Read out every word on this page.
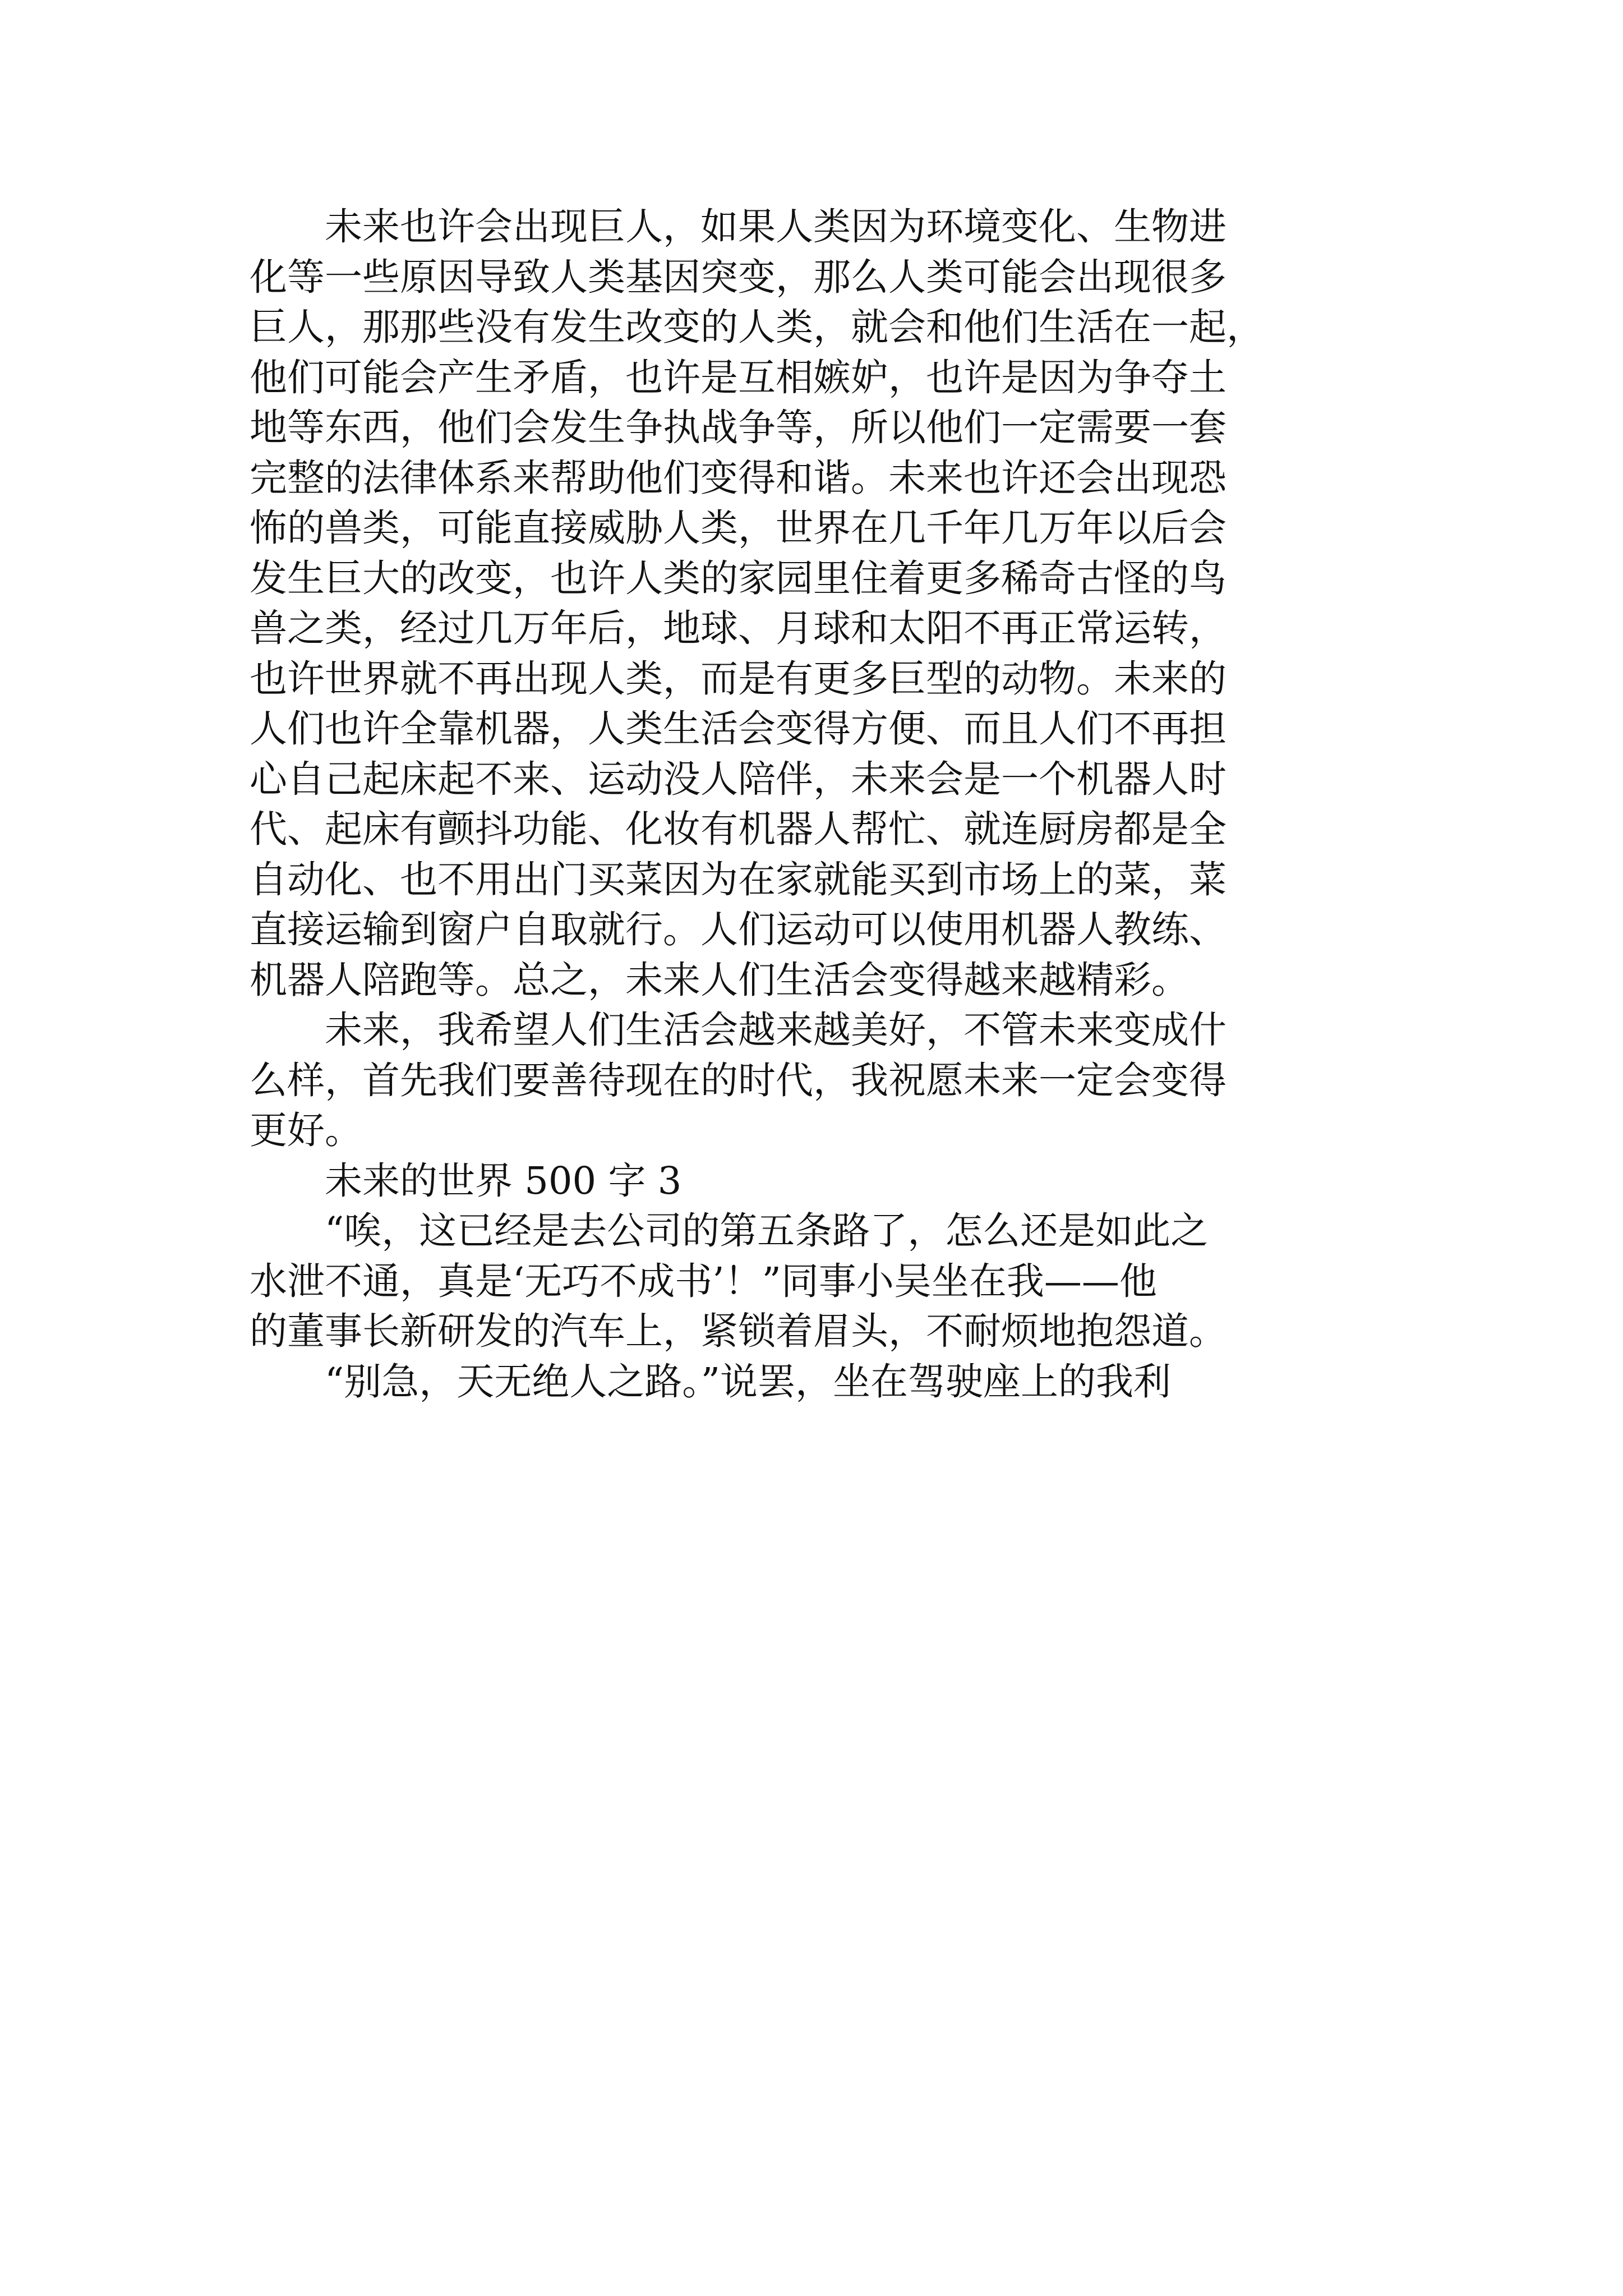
　　未来也许会出现巨人，如果人类因为环境变化、生物进
化等一些原因导致人类基因突变，那么人类可能会出现很多
巨人，那那些没有发生改变的人类，就会和他们生活在一起，
他们可能会产生矛盾，也许是互相嫉妒，也许是因为争夺土
地等东西，他们会发生争执战争等，所以他们一定需要一套
完整的法律体系来帮助他们变得和谐。未来也许还会出现恐
怖的兽类，可能直接威胁人类，世界在几千年几万年以后会
发生巨大的改变，也许人类的家园里住着更多稀奇古怪的鸟
兽之类，经过几万年后，地球、月球和太阳不再正常运转，
也许世界就不再出现人类，而是有更多巨型的动物。未来的
人们也许全靠机器，人类生活会变得方便、而且人们不再担
心自己起床起不来、运动没人陪伴，未来会是一个机器人时
代、起床有颤抖功能、化妆有机器人帮忙、就连厨房都是全
自动化、也不用出门买菜因为在家就能买到市场上的菜，菜
直接运输到窗户自取就行。人们运动可以使用机器人教练、
机器人陪跑等。总之，未来人们生活会变得越来越精彩。
　　未来，我希望人们生活会越来越美好，不管未来变成什
么样，首先我们要善待现在的时代，我祝愿未来一定会变得
更好。
　　未来的世界 500 字 3
　　“唉，这已经是去公司的第五条路了，怎么还是如此之
水泄不通，真是‘无巧不成书’！”同事小吴坐在我——他
的董事长新研发的汽车上，紧锁着眉头，不耐烦地抱怨道。
　　“别急，天无绝人之路。”说罢，坐在驾驶座上的我利
